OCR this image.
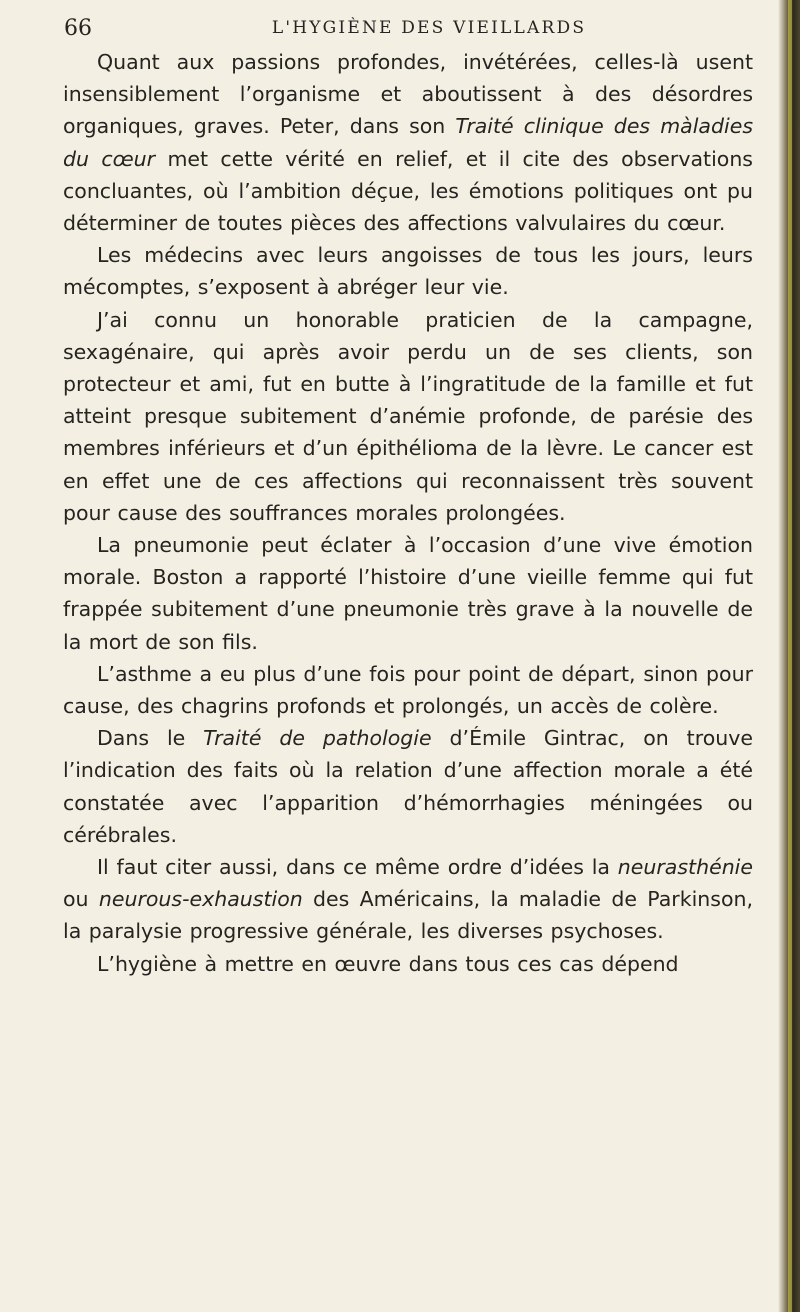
66	L'HYGIÈNE DES VIEILLARDS

Quant aux passions profondes, invétérées, celles-là usent insensiblement l’organisme et aboutissent à des désordres organiques, graves. Peter, dans son Traité clinique des màladies du cœur met cette vérité en relief, et il cite des observations concluantes, où l’ambition déçue, les émotions politiques ont pu déterminer de toutes pièces des affections valvulaires du cœur.

Les médecins avec leurs angoisses de tous les jours, leurs mécomptes, s’exposent à abréger leur vie.

J’ai connu un honorable praticien de la campagne, sexagénaire, qui après avoir perdu un de ses clients, son protecteur et ami, fut en butte à l’ingratitude de la famille et fut atteint presque subitement d’anémie profonde, de parésie des membres inférieurs et d’un épithélioma de la lèvre. Le cancer est en effet une de ces affections qui reconnaissent très souvent pour cause des souffrances morales prolongées.

La pneumonie peut éclater à l’occasion d’une vive émotion morale. Boston a rapporté l’histoire d’une vieille femme qui fut frappée subitement d’une pneumonie très grave à la nouvelle de la mort de son fils.

L’asthme a eu plus d’une fois pour point de départ, sinon pour cause, des chagrins profonds et prolongés, un accès de colère.

Dans le Traité de pathologie d’Émile Gintrac, on trouve l’indication des faits où la relation d’une affection morale a été constatée avec l’apparition d’hémorrhagies méningées ou cérébrales.

Il faut citer aussi, dans ce même ordre d’idées la neurasthénie ou neurous-exhaustion des Américains, la maladie de Parkinson, la paralysie progressive générale, les diverses psychoses.

L’hygiène à mettre en œuvre dans tous ces cas dépend
